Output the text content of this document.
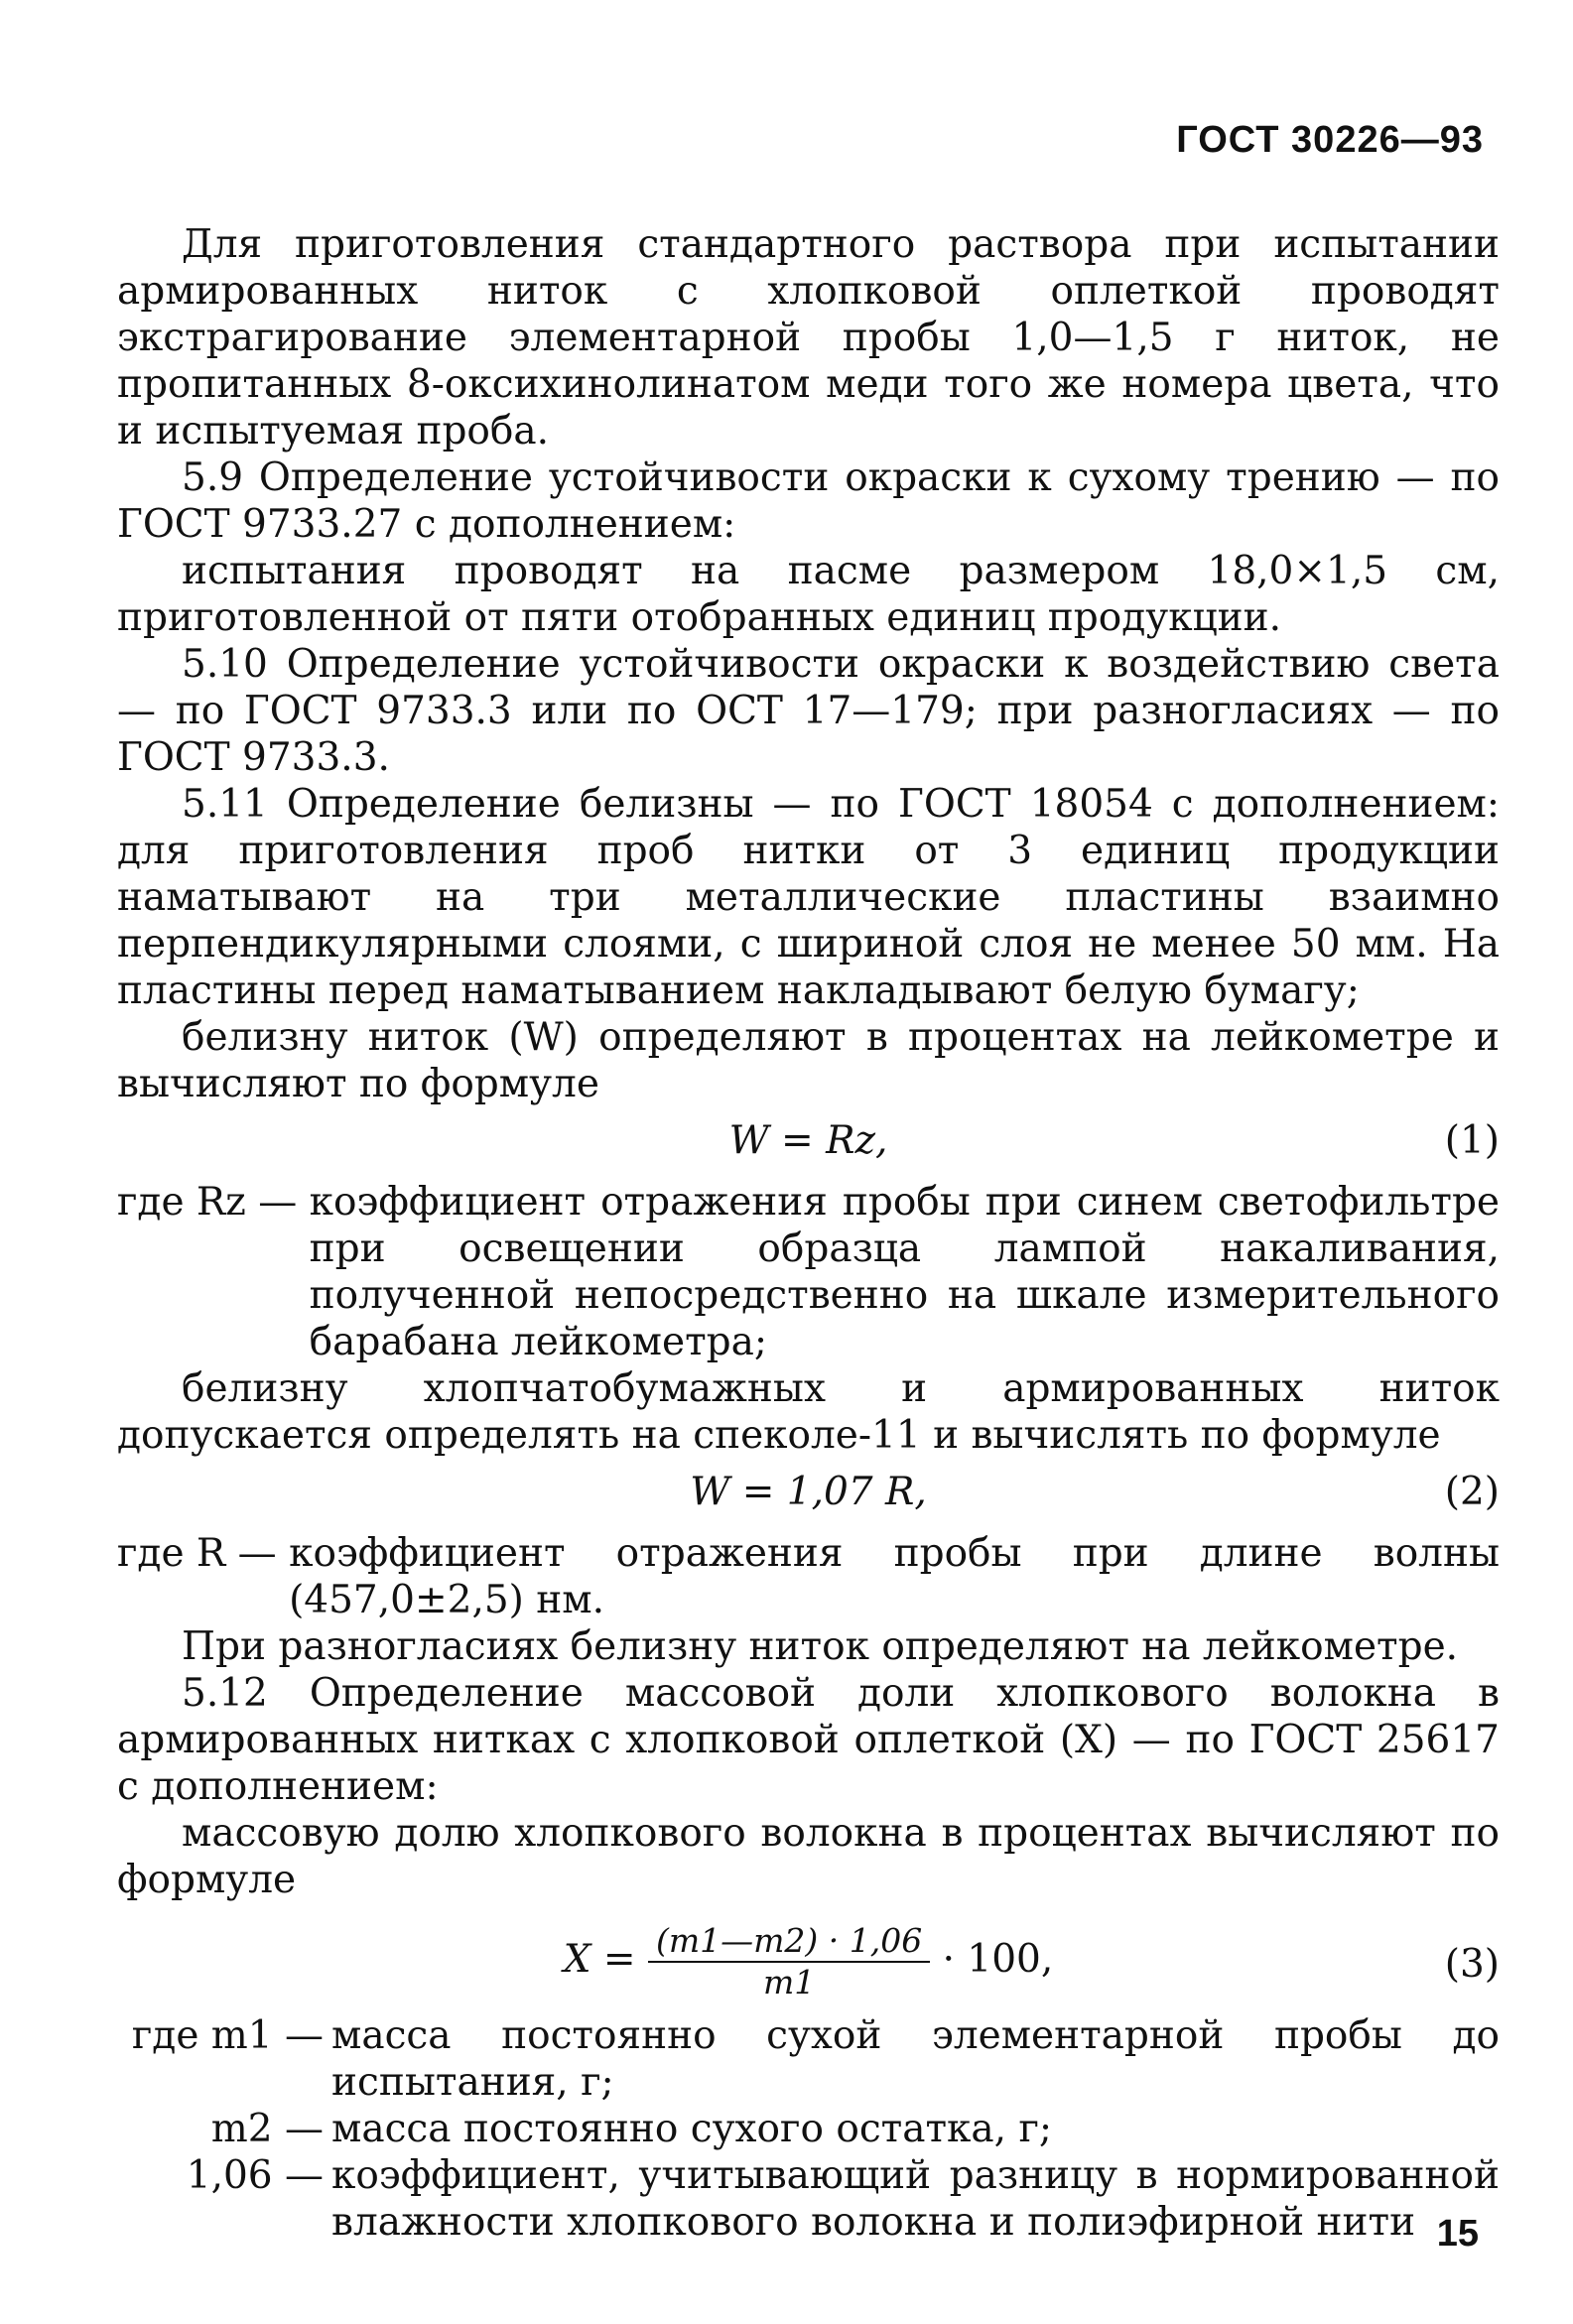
ГОСТ 30226—93

Для приготовления стандартного раствора при испытании армированных ниток с хлопковой оплеткой проводят экстрагирование элементарной пробы 1,0—1,5 г ниток, не пропитанных 8-оксихинолинатом меди того же номера цвета, что и испытуемая проба.

5.9 Определение устойчивости окраски к сухому трению — по ГОСТ 9733.27 с дополнением:

испытания проводят на пасме размером 18,0×1,5 см, приготовленной от пяти отобранных единиц продукции.

5.10 Определение устойчивости окраски к воздействию света — по ГОСТ 9733.3 или по ОСТ 17—179; при разногласиях — по ГОСТ 9733.3.

5.11 Определение белизны — по ГОСТ 18054 с дополнением: для приготовления проб нитки от 3 единиц продукции наматывают на три металлические пластины взаимно перпендикулярными слоями, с шириной слоя не менее 50 мм. На пластины перед наматыванием накладывают белую бумагу;

белизну ниток (W) определяют в процентах на лейкометре и вычисляют по формуле

W = Rz,	(1)
где Rz —
коэффициент отражения пробы при синем светофильтре при освещении образца лампой накаливания, полученной непосредственно на шкале измерительного барабана лейкометра;

белизну хлопчатобумажных и армированных ниток допускается определять на спеколе-11 и вычислять по формуле

W = 1,07 R,	(2)
где R —
коэффициент отражения пробы при длине волны (457,0±2,5) нм.

При разногласиях белизну ниток определяют на лейкометре.

5.12 Определение массовой доли хлопкового волокна в армированных нитках с хлопковой оплеткой (X) — по ГОСТ 25617 с дополнением:

массовую долю хлопкового волокна в процентах вычисляют по формуле

$X = \frac{(m1—m2) \cdot 1,06}{m1} \cdot 100$,	(3)
где m1 — масса постоянно сухой элементарной пробы до испытания, г;
m2 — масса постоянно сухого остатка, г;
1,06 — коэффициент, учитывающий разницу в нормированной влажности хлопкового волокна и полиэфирной нити 15
